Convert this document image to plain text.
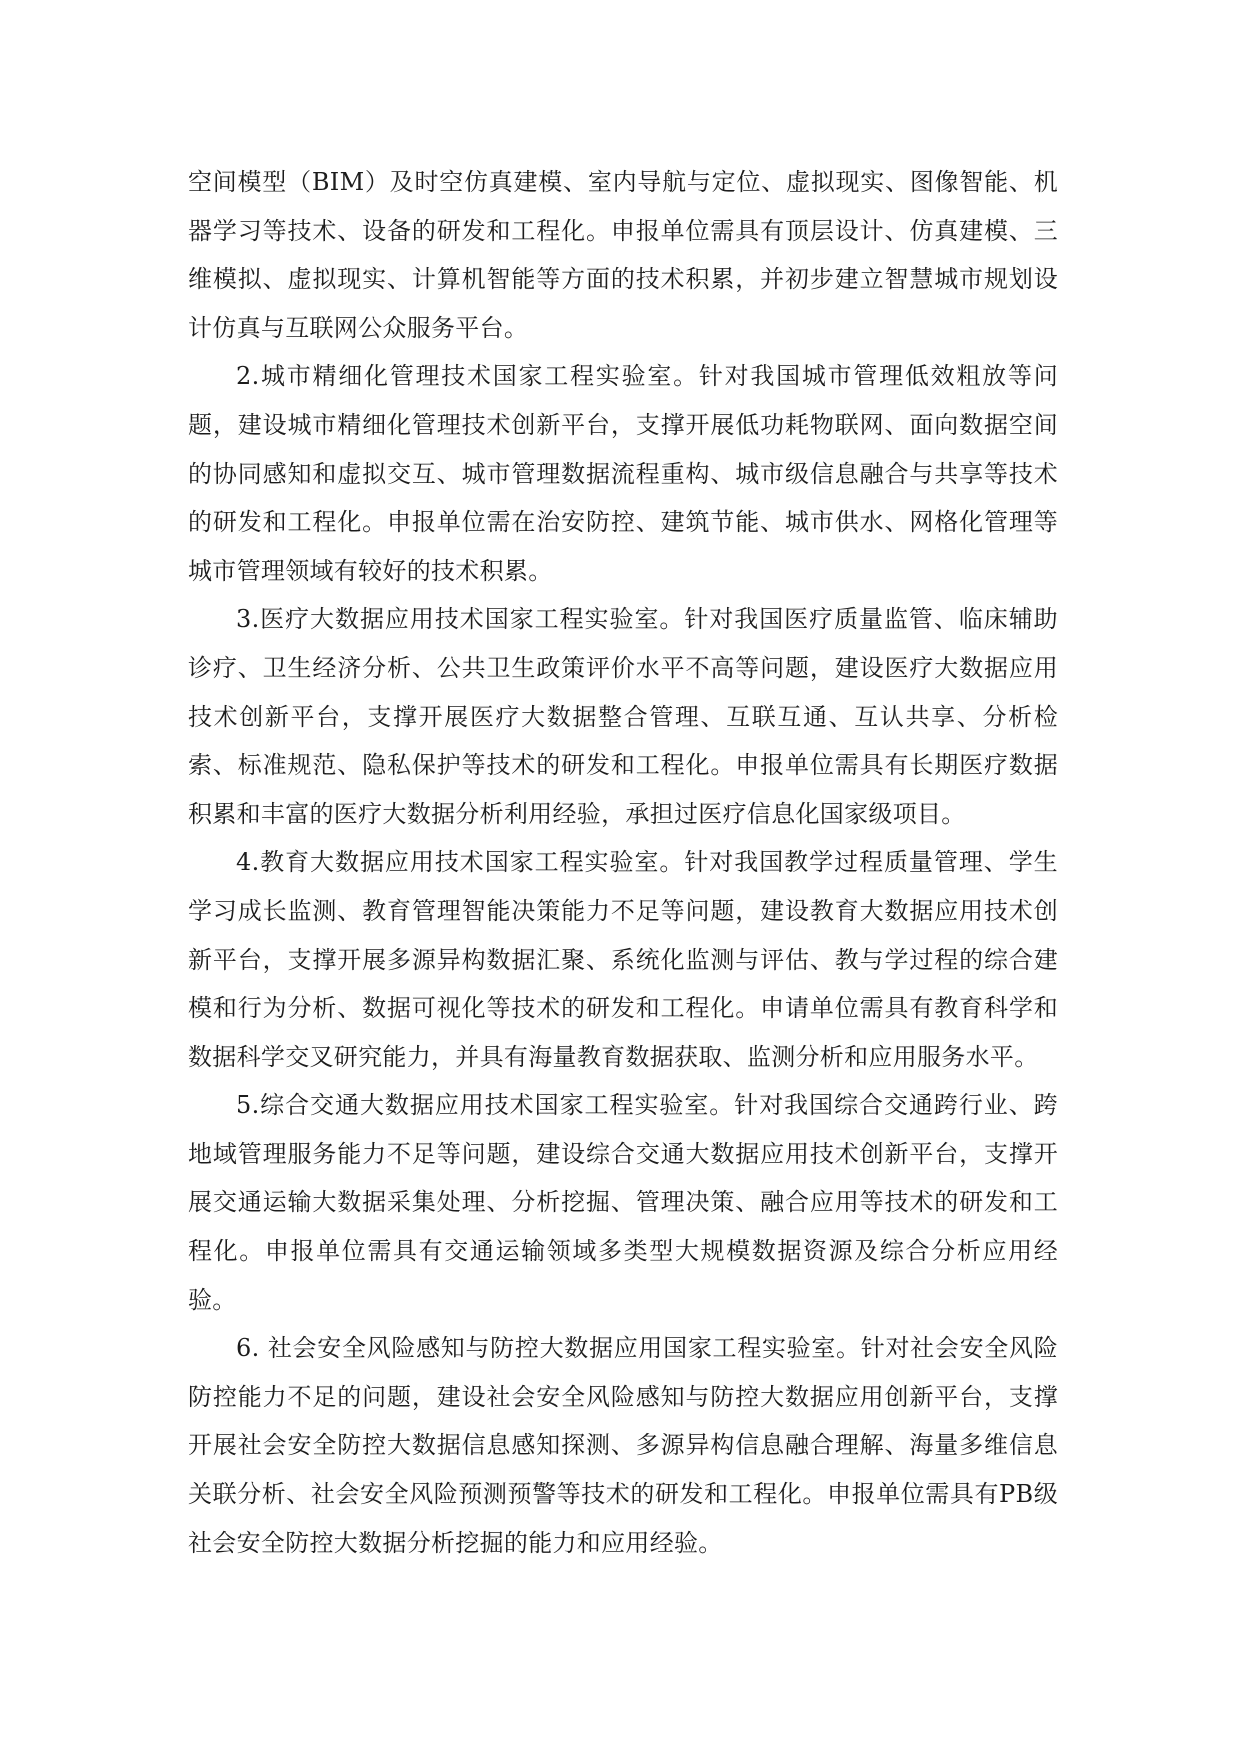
空间模型（BIM）及时空仿真建模、室内导航与定位、虚拟现实、图像智能、机器学习等技术、设备的研发和工程化。申报单位需具有顶层设计、仿真建模、三维模拟、虚拟现实、计算机智能等方面的技术积累，并初步建立智慧城市规划设计仿真与互联网公众服务平台。

2.城市精细化管理技术国家工程实验室。针对我国城市管理低效粗放等问题，建设城市精细化管理技术创新平台，支撑开展低功耗物联网、面向数据空间的协同感知和虚拟交互、城市管理数据流程重构、城市级信息融合与共享等技术的研发和工程化。申报单位需在治安防控、建筑节能、城市供水、网格化管理等城市管理领域有较好的技术积累。

3.医疗大数据应用技术国家工程实验室。针对我国医疗质量监管、临床辅助诊疗、卫生经济分析、公共卫生政策评价水平不高等问题，建设医疗大数据应用技术创新平台，支撑开展医疗大数据整合管理、互联互通、互认共享、分析检索、标准规范、隐私保护等技术的研发和工程化。申报单位需具有长期医疗数据积累和丰富的医疗大数据分析利用经验，承担过医疗信息化国家级项目。

4.教育大数据应用技术国家工程实验室。针对我国教学过程质量管理、学生学习成长监测、教育管理智能决策能力不足等问题，建设教育大数据应用技术创新平台，支撑开展多源异构数据汇聚、系统化监测与评估、教与学过程的综合建模和行为分析、数据可视化等技术的研发和工程化。申请单位需具有教育科学和数据科学交叉研究能力，并具有海量教育数据获取、监测分析和应用服务水平。

5.综合交通大数据应用技术国家工程实验室。针对我国综合交通跨行业、跨地域管理服务能力不足等问题，建设综合交通大数据应用技术创新平台，支撑开展交通运输大数据采集处理、分析挖掘、管理决策、融合应用等技术的研发和工程化。申报单位需具有交通运输领域多类型大规模数据资源及综合分析应用经验。

6. 社会安全风险感知与防控大数据应用国家工程实验室。针对社会安全风险防控能力不足的问题，建设社会安全风险感知与防控大数据应用创新平台，支撑开展社会安全防控大数据信息感知探测、多源异构信息融合理解、海量多维信息关联分析、社会安全风险预测预警等技术的研发和工程化。申报单位需具有PB级社会安全防控大数据分析挖掘的能力和应用经验。
